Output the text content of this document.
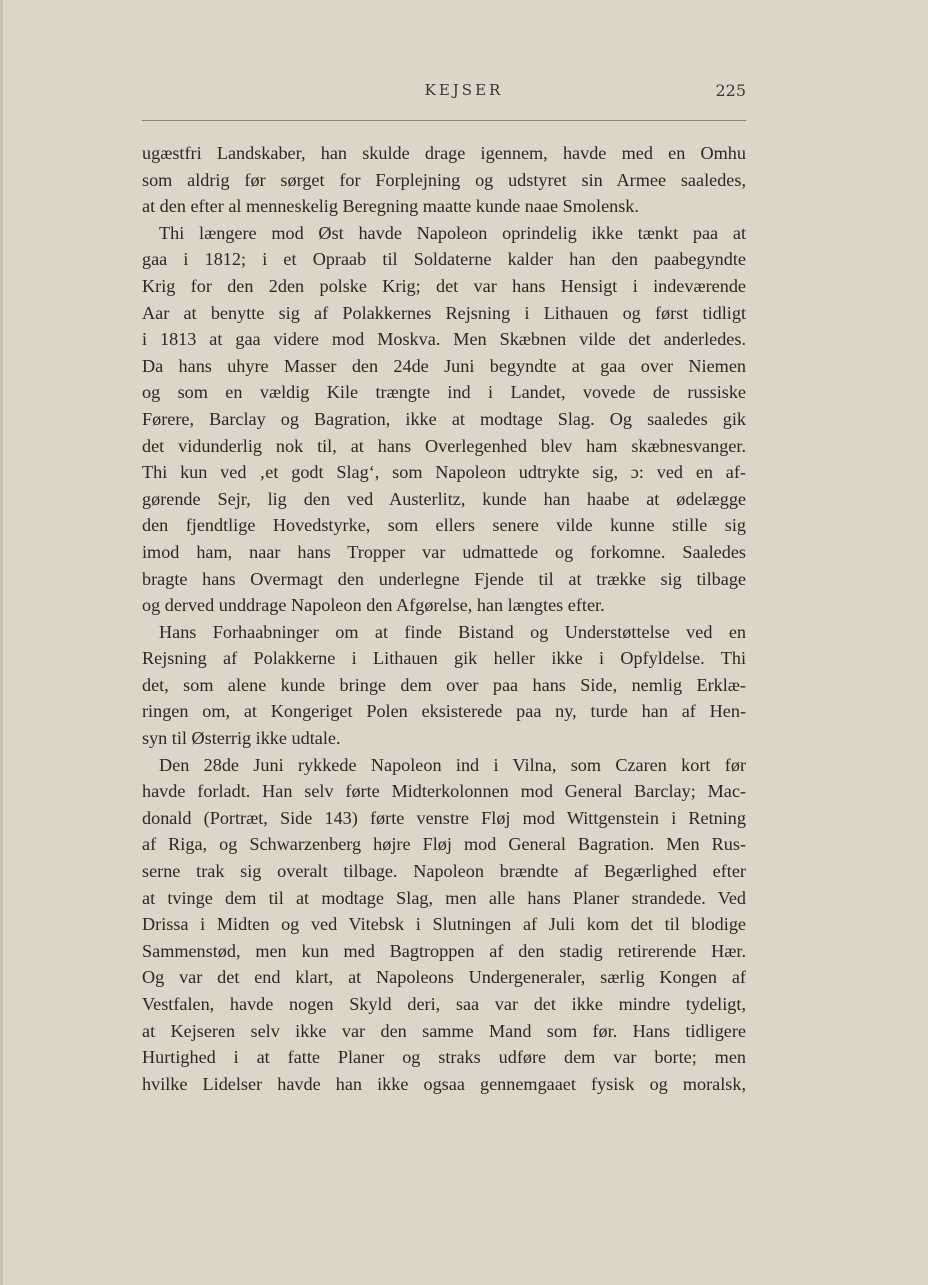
KEJSER	225
ugæstfri Landskaber, han skulde drage igennem, havde med en Omhu
som aldrig før sørget for Forplejning og udstyret sin Armee saaledes,
at den efter al menneskelig Beregning maatte kunde naae Smolensk.
Thi længere mod Øst havde Napoleon oprindelig ikke tænkt paa at
gaa i 1812; i et Opraab til Soldaterne kalder han den paabegyndte
Krig for den 2den polske Krig; det var hans Hensigt i indeværende
Aar at benytte sig af Polakkernes Rejsning i Lithauen og først tidligt
i 1813 at gaa videre mod Moskva. Men Skæbnen vilde det anderledes.
Da hans uhyre Masser den 24de Juni begyndte at gaa over Niemen
og som en vældig Kile trængte ind i Landet, vovede de russiske
Førere, Barclay og Bagration, ikke at modtage Slag. Og saaledes gik
det vidunderlig nok til, at hans Overlegenhed blev ham skæbnesvanger.
Thi kun ved ‚et godt Slag‘, som Napoleon udtrykte sig, ɔ: ved en af-
gørende Sejr, lig den ved Austerlitz, kunde han haabe at ødelægge
den fjendtlige Hovedstyrke, som ellers senere vilde kunne stille sig
imod ham, naar hans Tropper var udmattede og forkomne. Saaledes
bragte hans Overmagt den underlegne Fjende til at trække sig tilbage
og derved unddrage Napoleon den Afgørelse, han længtes efter.
Hans Forhaabninger om at finde Bistand og Understøttelse ved en
Rejsning af Polakkerne i Lithauen gik heller ikke i Opfyldelse. Thi
det, som alene kunde bringe dem over paa hans Side, nemlig Erklæ-
ringen om, at Kongeriget Polen eksisterede paa ny, turde han af Hen-
syn til Østerrig ikke udtale.
Den 28de Juni rykkede Napoleon ind i Vilna, som Czaren kort før
havde forladt. Han selv førte Midterkolonnen mod General Barclay; Mac-
donald (Portræt, Side 143) førte venstre Fløj mod Wittgenstein i Retning
af Riga, og Schwarzenberg højre Fløj mod General Bagration. Men Rus-
serne trak sig overalt tilbage. Napoleon brændte af Begærlighed efter
at tvinge dem til at modtage Slag, men alle hans Planer strandede. Ved
Drissa i Midten og ved Vitebsk i Slutningen af Juli kom det til blodige
Sammenstød, men kun med Bagtroppen af den stadig retirerende Hær.
Og var det end klart, at Napoleons Undergeneraler, særlig Kongen af
Vestfalen, havde nogen Skyld deri, saa var det ikke mindre tydeligt,
at Kejseren selv ikke var den samme Mand som før. Hans tidligere
Hurtighed i at fatte Planer og straks udføre dem var borte; men
hvilke Lidelser havde han ikke ogsaa gennemgaaet fysisk og moralsk,
